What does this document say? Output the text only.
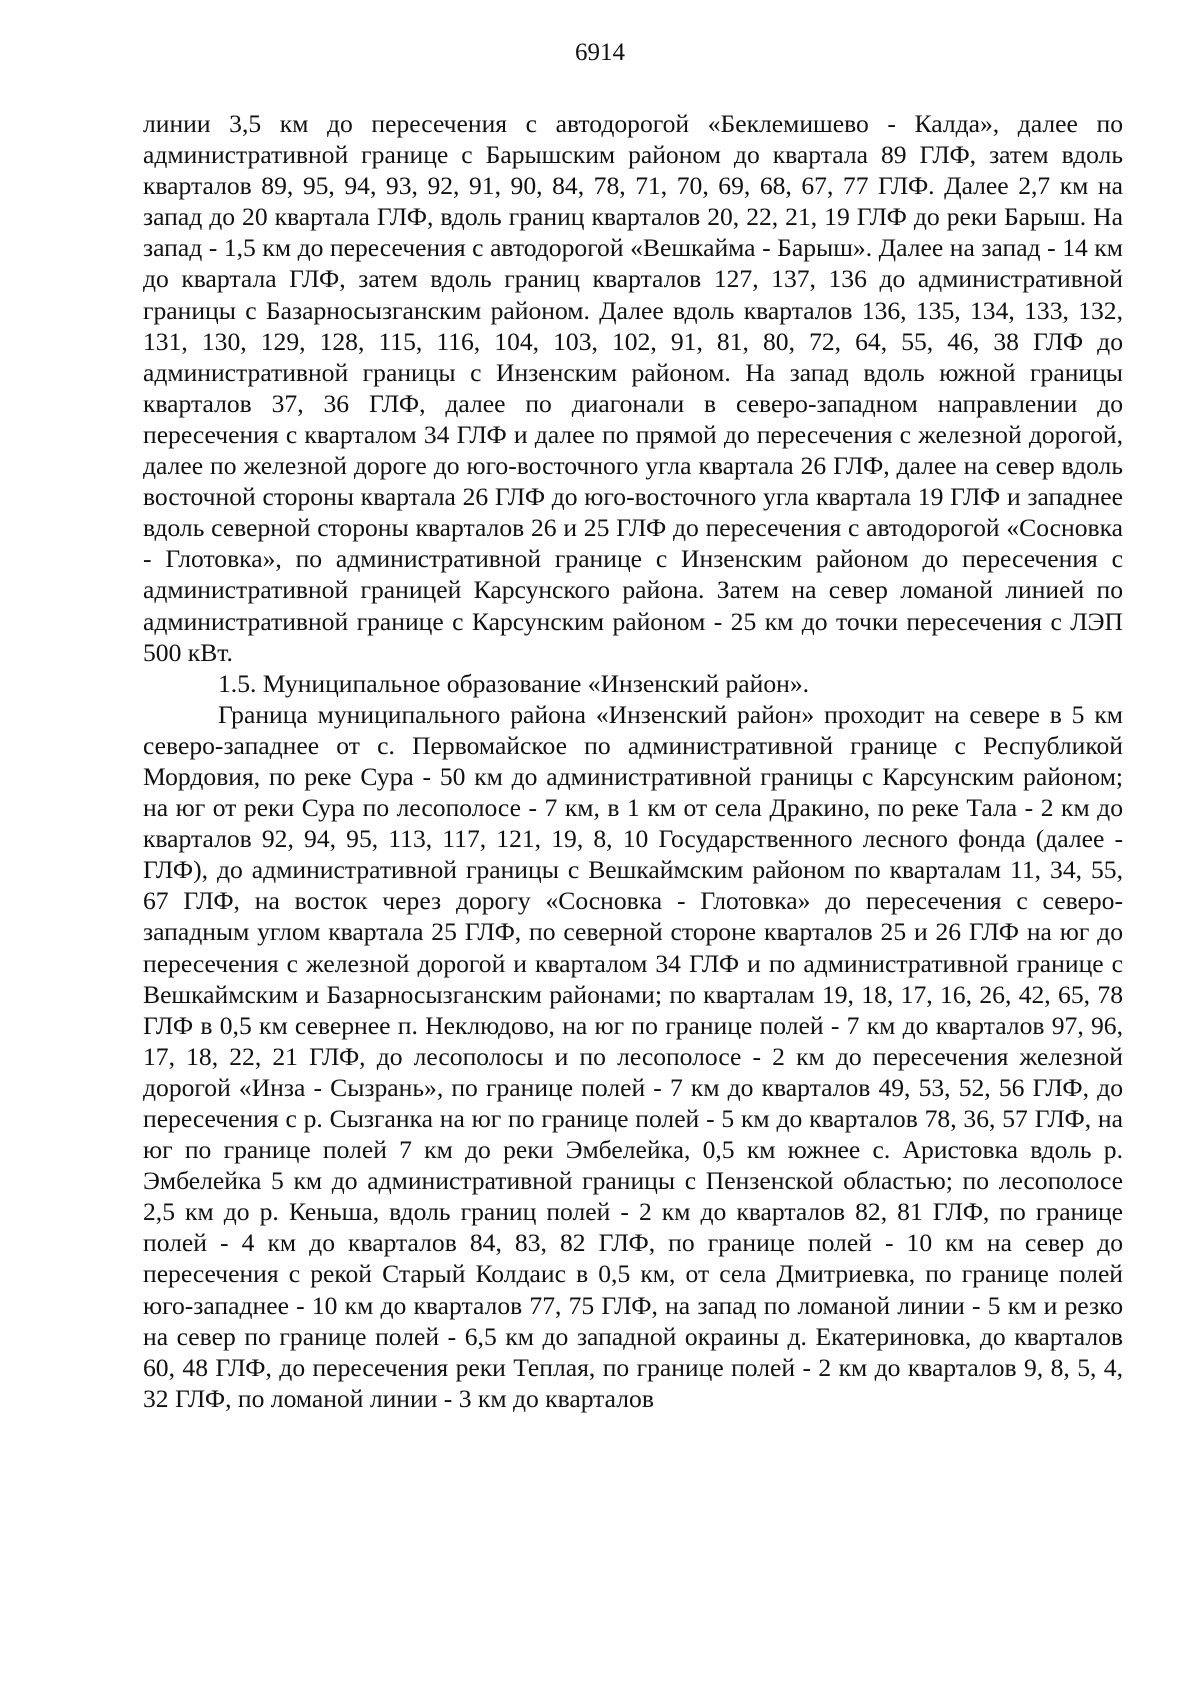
6914

линии 3,5 км до пересечения с автодорогой «Беклемишево - Калда», далее по административной границе с Барышским районом до квартала 89 ГЛФ, затем вдоль кварталов 89, 95, 94, 93, 92, 91, 90, 84, 78, 71, 70, 69, 68, 67, 77 ГЛФ. Далее 2,7 км на запад до 20 квартала ГЛФ, вдоль границ кварталов 20, 22, 21, 19 ГЛФ до реки Барыш. На запад - 1,5 км до пересечения с автодорогой «Вешкайма - Барыш». Далее на запад - 14 км до квартала ГЛФ, затем вдоль границ кварталов 127, 137, 136 до административной границы с Базарносызганским районом. Далее вдоль кварталов 136, 135, 134, 133, 132, 131, 130, 129, 128, 115, 116, 104, 103, 102, 91, 81, 80, 72, 64, 55, 46, 38 ГЛФ до административной границы с Инзенским районом. На запад вдоль южной границы кварталов 37, 36 ГЛФ, далее по диагонали в северо-западном направлении до пересечения с кварталом 34 ГЛФ и далее по прямой до пересечения с железной дорогой, далее по железной дороге до юго-восточного угла квартала 26 ГЛФ, далее на север вдоль восточной стороны квартала 26 ГЛФ до юго-восточного угла квартала 19 ГЛФ и западнее вдоль северной стороны кварталов 26 и 25 ГЛФ до пересечения с автодорогой «Сосновка - Глотовка», по административной границе с Инзенским районом до пересечения с административной границей Карсунского района. Затем на север ломаной линией по административной границе с Карсунским районом - 25 км до точки пересечения с ЛЭП 500 кВт.

1.5. Муниципальное образование «Инзенский район».

Граница муниципального района «Инзенский район» проходит на севере в 5 км северо-западнее от с. Первомайское по административной границе с Республикой Мордовия, по реке Сура - 50 км до административной границы с Карсунским районом; на юг от реки Сура по лесополосе - 7 км, в 1 км от села Дракино, по реке Тала - 2 км до кварталов 92, 94, 95, 113, 117, 121, 19, 8, 10 Государственного лесного фонда (далее - ГЛФ), до административной границы с Вешкаймским районом по кварталам 11, 34, 55, 67 ГЛФ, на восток через дорогу «Сосновка - Глотовка» до пересечения с северо-западным углом квартала 25 ГЛФ, по северной стороне кварталов 25 и 26 ГЛФ на юг до пересечения с железной дорогой и кварталом 34 ГЛФ и по административной границе с Вешкаймским и Базарносызганским районами; по кварталам 19, 18, 17, 16, 26, 42, 65, 78 ГЛФ в 0,5 км севернее п. Неклюдово, на юг по границе полей - 7 км до кварталов 97, 96, 17, 18, 22, 21 ГЛФ, до лесополосы и по лесополосе - 2 км до пересечения железной дорогой «Инза - Сызрань», по границе полей - 7 км до кварталов 49, 53, 52, 56 ГЛФ, до пересечения с р. Сызганка на юг по границе полей - 5 км до кварталов 78, 36, 57 ГЛФ, на юг по границе полей 7 км до реки Эмбелейка, 0,5 км южнее с. Аристовка вдоль р. Эмбелейка 5 км до административной границы с Пензенской областью; по лесополосе 2,5 км до р. Кеньша, вдоль границ полей - 2 км до кварталов 82, 81 ГЛФ, по границе полей - 4 км до кварталов 84, 83, 82 ГЛФ, по границе полей - 10 км на север до пересечения с рекой Старый Колдаис в 0,5 км, от села Дмитриевка, по границе полей юго-западнее - 10 км до кварталов 77, 75 ГЛФ, на запад по ломаной линии - 5 км и резко на север по границе полей - 6,5 км до западной окраины д. Екатериновка, до кварталов 60, 48 ГЛФ, до пересечения реки Теплая, по границе полей - 2 км до кварталов 9, 8, 5, 4, 32 ГЛФ, по ломаной линии - 3 км до кварталов
